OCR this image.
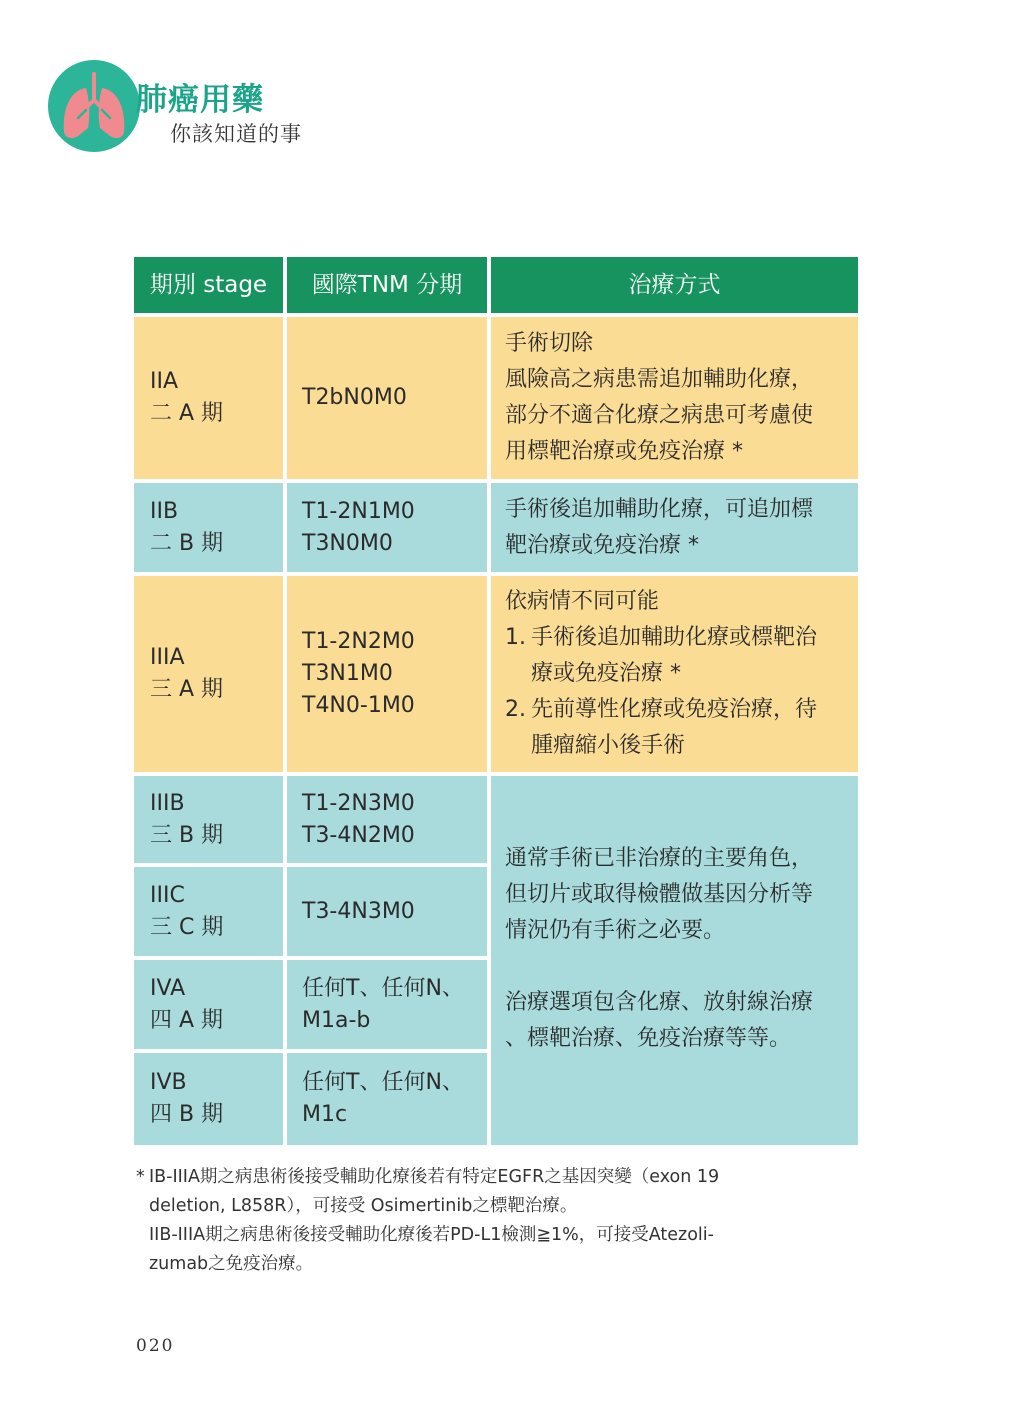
肺癌用藥
你該知道的事
期別 stage 國際TNM 分期	治療方式
IIA
二 A 期
T2bN0M0
手術切除
風險高之病患需追加輔助化療，
部分不適合化療之病患可考慮使
用標靶治療或免疫治療 *
IIB
二 B 期
T1-2N1M0
T3N0M0
手術後追加輔助化療，可追加標
靶治療或免疫治療 *
IIIA
三 A 期
T1-2N2M0
T3N1M0
T4N0-1M0
依病情不同可能
1. 手術後追加輔助化療或標靶治
療或免疫治療 *
2. 先前導性化療或免疫治療，待
腫瘤縮小後手術
IIIB
三 B 期
T1-2N3M0
T3-4N2M0
IIIC
三 C 期
T3-4N3M0
IVA
四 A 期
任何T、任何N、
M1a-b
IVB
四 B 期
任何T、任何N、
M1c
通常手術已非治療的主要角色，
但切片或取得檢體做基因分析等
情況仍有手術之必要。
治療選項包含化療、放射線治療
、標靶治療、免疫治療等等。
* IB-IIIA期之病患術後接受輔助化療後若有特定EGFR之基因突變（exon 19

deletion, L858R），可接受 Osimertinib之標靶治療。

IIB-IIIA期之病患術後接受輔助化療後若PD-L1檢測≧1%，可接受Atezoli-

zumab之免疫治療。

020
